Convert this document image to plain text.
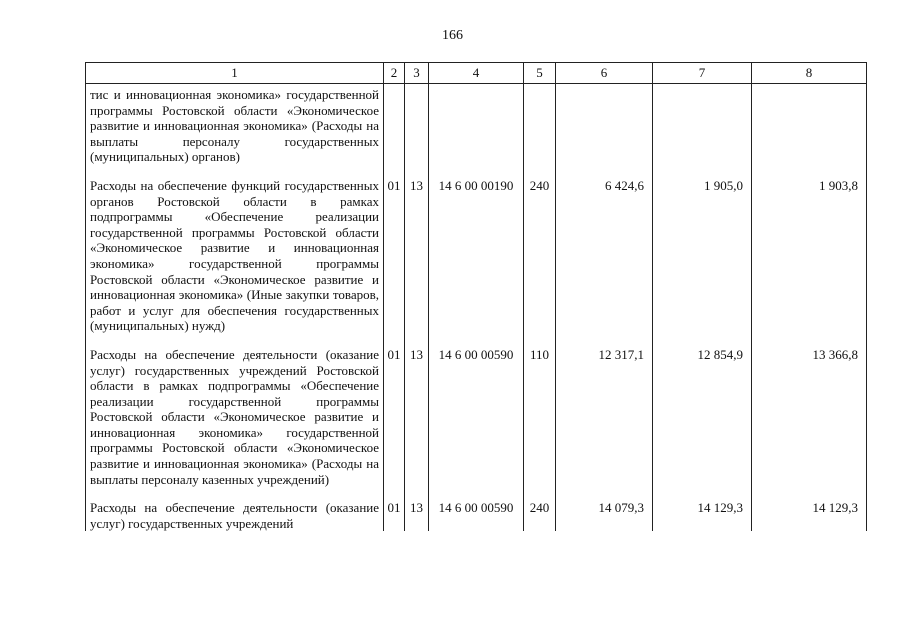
166
1	2	3	4	5	6	7	8
тис и инновационная экономика» государственной программы Ростовской области «Экономическое развитие и инновационная экономика» (Расходы на выплаты персоналу государственных (муниципальных) органов)							
Расходы на обеспечение функций государственных органов Ростовской области в рамках подпрограммы «Обеспечение реализации государственной программы Ростовской области «Экономическое развитие и инновационная экономика» государственной программы Ростовской области «Экономическое развитие и инновационная экономика» (Иные закупки товаров, работ и услуг для обеспечения государственных (муниципальных) нужд)	01	13	14 6 00 00190	240	6 424,6	1 905,0	1 903,8
Расходы на обеспечение деятельности (оказание услуг) государственных учреждений Ростовской области в рамках подпрограммы «Обеспечение реализации государственной программы Ростовской области «Экономическое развитие и инновационная экономика» государственной программы Ростовской области «Экономическое развитие и инновационная экономика» (Расходы на выплаты персоналу казенных учреждений)	01	13	14 6 00 00590	110	12 317,1	12 854,9	13 366,8
Расходы на обеспечение деятельности (оказание услуг) государственных учреждений	01	13	14 6 00 00590	240	14 079,3	14 129,3	14 129,3
